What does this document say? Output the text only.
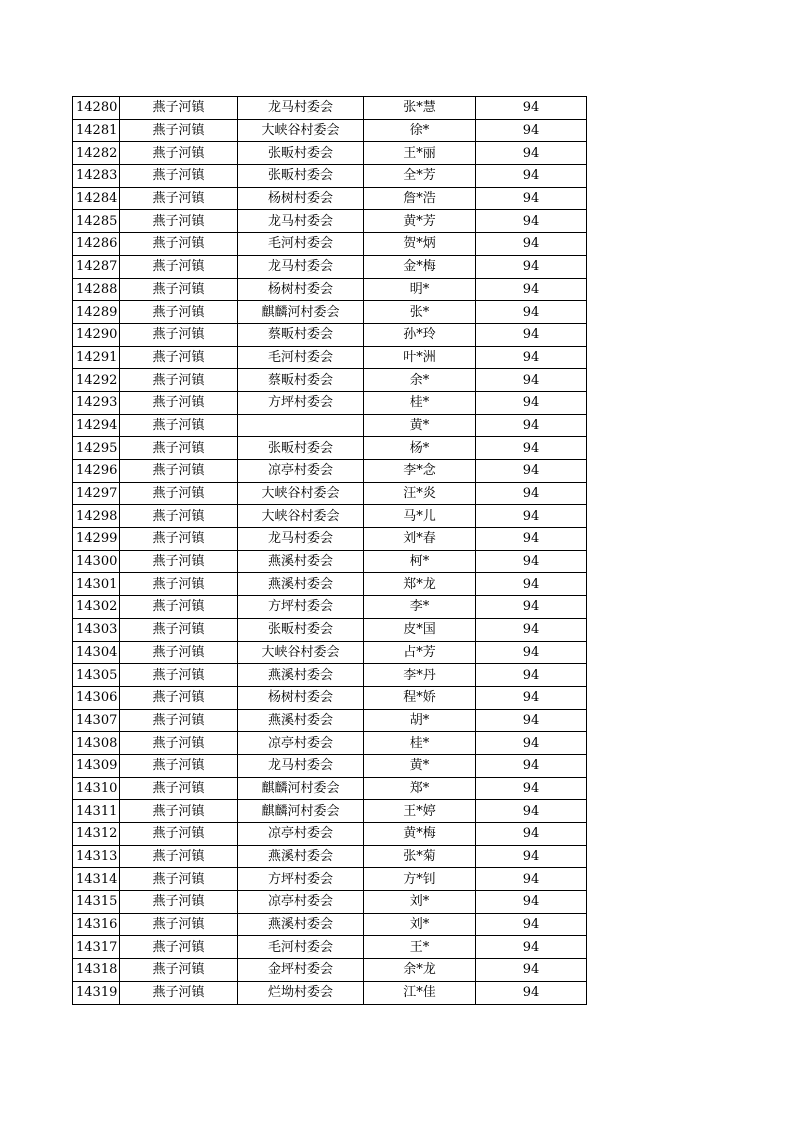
14280	燕子河镇	龙马村委会	张*慧	94
14281	燕子河镇	大峡谷村委会	徐*	94
14282	燕子河镇	张畈村委会	王*丽	94
14283	燕子河镇	张畈村委会	全*芳	94
14284	燕子河镇	杨树村委会	詹*浩	94
14285	燕子河镇	龙马村委会	黄*芳	94
14286	燕子河镇	毛河村委会	贺*炳	94
14287	燕子河镇	龙马村委会	金*梅	94
14288	燕子河镇	杨树村委会	明*	94
14289	燕子河镇	麒麟河村委会	张*	94
14290	燕子河镇	蔡畈村委会	孙*玲	94
14291	燕子河镇	毛河村委会	叶*洲	94
14292	燕子河镇	蔡畈村委会	余*	94
14293	燕子河镇	方坪村委会	桂*	94
14294	燕子河镇		黄*	94
14295	燕子河镇	张畈村委会	杨*	94
14296	燕子河镇	凉亭村委会	李*念	94
14297	燕子河镇	大峡谷村委会	汪*炎	94
14298	燕子河镇	大峡谷村委会	马*儿	94
14299	燕子河镇	龙马村委会	刘*春	94
14300	燕子河镇	燕溪村委会	柯*	94
14301	燕子河镇	燕溪村委会	郑*龙	94
14302	燕子河镇	方坪村委会	李*	94
14303	燕子河镇	张畈村委会	皮*国	94
14304	燕子河镇	大峡谷村委会	占*芳	94
14305	燕子河镇	燕溪村委会	李*丹	94
14306	燕子河镇	杨树村委会	程*娇	94
14307	燕子河镇	燕溪村委会	胡*	94
14308	燕子河镇	凉亭村委会	桂*	94
14309	燕子河镇	龙马村委会	黄*	94
14310	燕子河镇	麒麟河村委会	郑*	94
14311	燕子河镇	麒麟河村委会	王*婷	94
14312	燕子河镇	凉亭村委会	黄*梅	94
14313	燕子河镇	燕溪村委会	张*菊	94
14314	燕子河镇	方坪村委会	方*钊	94
14315	燕子河镇	凉亭村委会	刘*	94
14316	燕子河镇	燕溪村委会	刘*	94
14317	燕子河镇	毛河村委会	王*	94
14318	燕子河镇	金坪村委会	余*龙	94
14319	燕子河镇	烂坳村委会	江*佳	94
